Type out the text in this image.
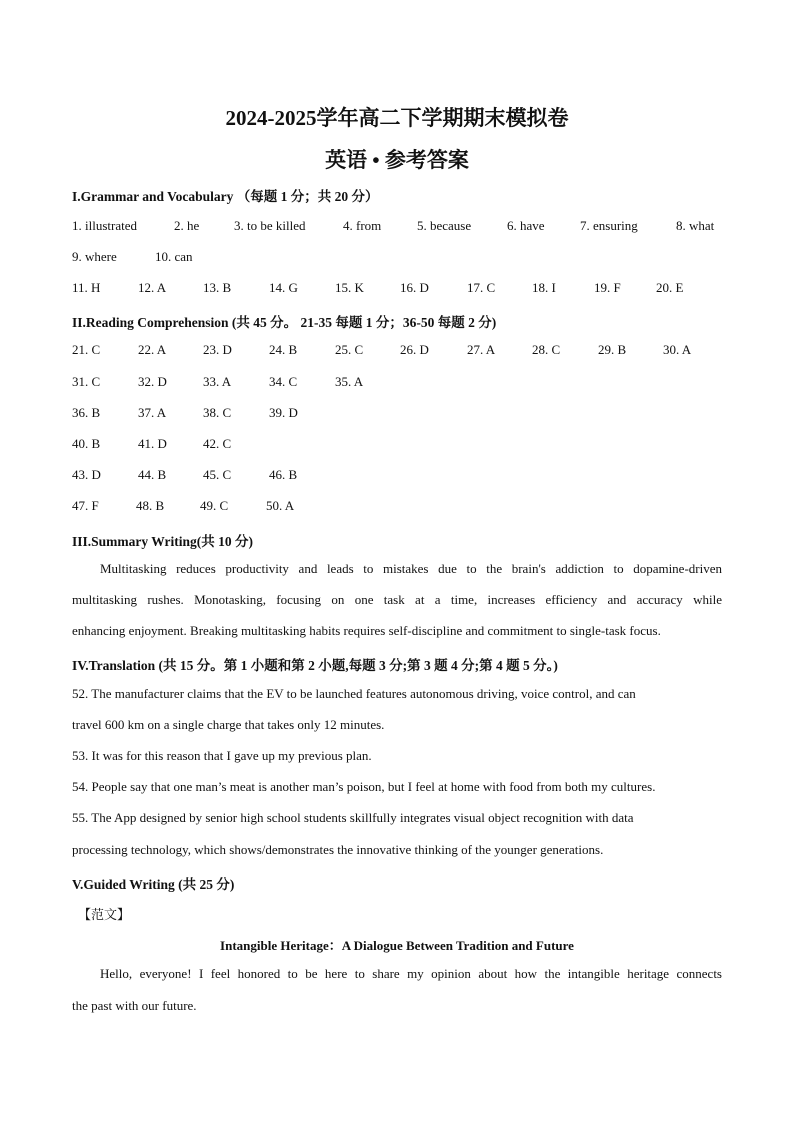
2024-2025学年高二下学期期末模拟卷
英语 • 参考答案
I.Grammar and Vocabulary （每题 1 分；共 20 分）
1. illustrated	2. he	3. to be killed	4. from	5. because	6. have	7. ensuring	8. what
9. where	10. can
11. H	12. A	13. B	14. G	15. K	16. D	17. C	18. I	19. F	20. E
II.Reading Comprehension (共 45 分。 21-35 每题 1 分；36-50 每题 2 分)
21. C	22. A	23. D	24. B	25. C	26. D	27. A	28. C	29. B	30. A
31. C	32. D	33. A	34. C	35. A
36. B	37. A	38. C	39. D
40. B	41. D	42. C
43. D	44. B	45. C	46. B
47. F	48. B	49. C	50. A
III.Summary Writing(共 10 分)
Multitasking reduces productivity and leads to mistakes due to the brain's addiction to dopamine-driven
multitasking rushes. Monotasking, focusing on one task at a time, increases efficiency and accuracy while
enhancing enjoyment. Breaking multitasking habits requires self-discipline and commitment to single-task focus.
IV.Translation (共 15 分。第 1 小题和第 2 小题,每题 3 分;第 3 题 4 分;第 4 题 5 分。)
52. The manufacturer claims that the EV to be launched features autonomous driving, voice control, and can
travel 600 km on a single charge that takes only 12 minutes.
53. It was for this reason that I gave up my previous plan.
54. People say that one man’s meat is another man’s poison, but I feel at home with food from both my cultures.
55. The App designed by senior high school students skillfully integrates visual object recognition with data
processing technology, which shows/demonstrates the innovative thinking of the younger generations.
V.Guided Writing (共 25 分)
【范文】
Intangible Heritage：A Dialogue Between Tradition and Future
Hello, everyone! I feel honored to be here to share my opinion about how the intangible heritage connects
the past with our future.
